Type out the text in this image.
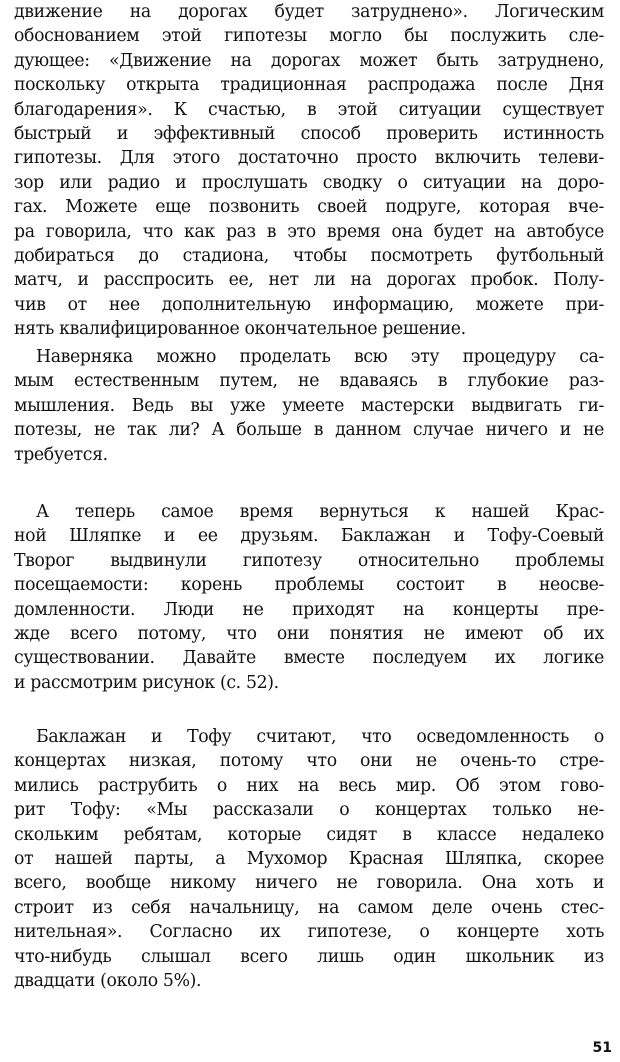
движение на дорогах будет затруднено». Логическим
обоснованием этой гипотезы могло бы послужить сле-
дующее: «Движение на дорогах может быть затруднено,
поскольку открыта традиционная распродажа после Дня
благодарения». К счастью, в этой ситуации существует
быстрый и эффективный способ проверить истинность
гипотезы. Для этого достаточно просто включить телеви-
зор или радио и прослушать сводку о ситуации на доро-
гах. Можете еще позвонить своей подруге, которая вче-
ра говорила, что как раз в это время она будет на автобусе
добираться до стадиона, чтобы посмотреть футбольный
матч, и расспросить ее, нет ли на дорогах пробок. Полу-
чив от нее дополнительную информацию, можете при-
нять квалифицированное окончательное решение.
Наверняка можно проделать всю эту процедуру са-
мым естественным путем, не вдаваясь в глубокие раз-
мышления. Ведь вы уже умеете мастерски выдвигать ги-
потезы, не так ли? А больше в данном случае ничего и не
требуется.
А теперь самое время вернуться к нашей Крас-
ной Шляпке и ее друзьям. Баклажан и Тофу-Соевый
Творог выдвинули гипотезу относительно проблемы
посещаемости: корень проблемы состоит в неосве-
домленности. Люди не приходят на концерты пре-
жде всего потому, что они понятия не имеют об их
существовании. Давайте вместе последуем их логике
и рассмотрим рисунок (с. 52).
Баклажан и Тофу считают, что осведомленность о
концертах низкая, потому что они не очень-то стре-
мились раструбить о них на весь мир. Об этом гово-
рит Тофу: «Мы рассказали о концертах только не-
скольким ребятам, которые сидят в классе недалеко
от нашей парты, а Мухомор Красная Шляпка, скорее
всего, вообще никому ничего не говорила. Она хоть и
строит из себя начальницу, на самом деле очень стес-
нительная». Согласно их гипотезе, о концерте хоть
что-нибудь слышал всего лишь один школьник из
двадцати (около 5%).
51
